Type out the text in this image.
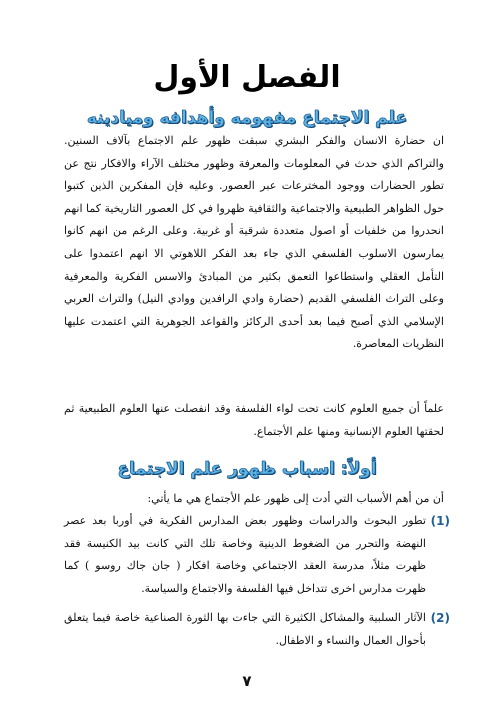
الفصل الأول
علم الاجتماع مفهومه وأهدافه وميادينه
ان حضارة الانسان والفكر البشري سبقت ظهور علم الاجتماع بآلاف السنين. والتراكم الذي حدث في المعلومات والمعرفة وظهور مختلف الآراء والافكار نتج عن تطور الحضارات ووجود المخترعات عبر العصور. وعليه فإن المفكرين الذين كتبوا حول الظواهر الطبيعية والاجتماعية والثقافية ظهروا في كل العصور التاريخية كما انهم انحدروا من خلفيات أو اصول متعددة شرقية أو غربية. وعلى الرغم من انهم كانوا يمارسون الاسلوب الفلسفي الذي جاء بعد الفكر اللاهوتي الا انهم اعتمدوا على التأمل العقلي واستطاعوا التعمق بكثير من المبادئ والاسس الفكرية والمعرفية وعلى التراث الفلسفي القديم (حضارة وادي الرافدين ووادي النيل) والتراث العربي الإسلامي الذي أصبح فيما بعد أحدى الركائز والقواعد الجوهرية التي اعتمدت عليها النظريات المعاصرة.
علماً أن جميع العلوم كانت تحت لواء الفلسفة وقد انفصلت عنها العلوم الطبيعية ثم لحقتها العلوم الإنسانية ومنها علم الأجتماع.
أولاً: اسباب ظهور علم الاجتماع
أن من أهم الأسباب التي أدت إلى ظهور علم الأجتماع هي ما يأتي:
(1)
تطور البحوث والدراسات وظهور بعض المدارس الفكرية في أوربا بعد عصر النهضة والتحرر من الضغوط الدينية وخاصة تلك التي كانت بيد الكنيسة فقد ظهرت مثلاً، مدرسة العقد الاجتماعي وخاصة افكار ( جان جاك روسو ) كما ظهرت مدارس اخرى تتداخل فيها الفلسفة والاجتماع والسياسة.
(2)
الآثار السلبية والمشاكل الكثيرة التي جاءت بها الثورة الصناعية خاصة فيما يتعلق بأحوال العمال والنساء و الاطفال.
٧
